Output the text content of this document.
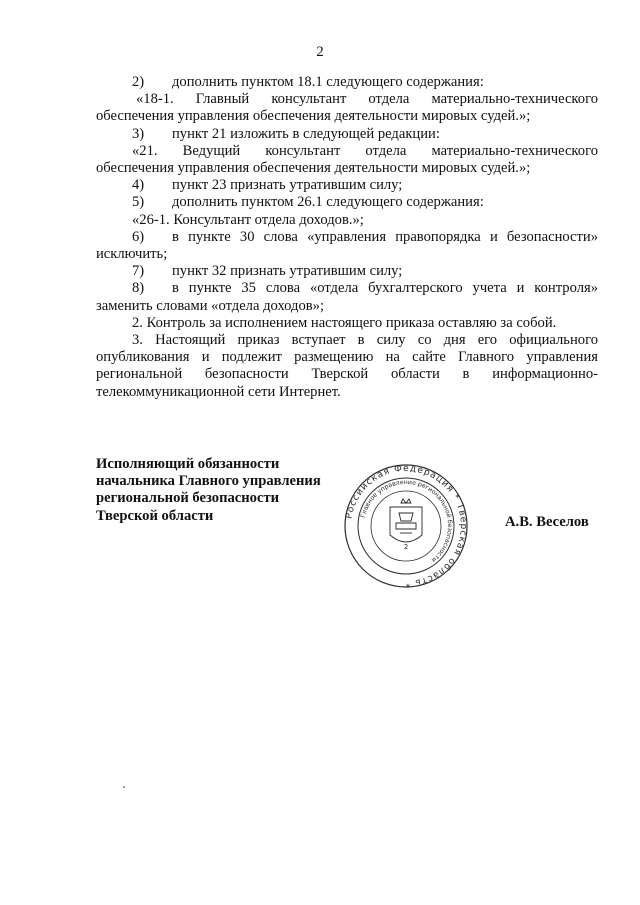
2
2)	дополнить пунктом 18.1 следующего содержания:

«18-1. Главный консультант отдела материально-технического

обеспечения управления обеспечения деятельности мировых судей.»;

3)	пункт 21 изложить в следующей редакции:

«21. Ведущий консультант отдела материально-технического

обеспечения управления обеспечения деятельности мировых судей.»;

4)	пункт 23 признать утратившим силу;
5)	дополнить пунктом 26.1 следующего содержания:

«26-1. Консультант отдела доходов.»;

6)	в пункте 30 слова «управления правопорядка и безопасности»

исключить;

7)	пункт 32 признать утратившим силу;
8)	в пункте 35 слова «отдела бухгалтерского учета и контроля»

заменить словами «отдела доходов»;

2. Контроль за исполнением настоящего приказа оставляю за собой.

3. Настоящий приказ вступает в силу со дня его официального

опубликования и подлежит размещению на сайте Главного управления

региональной безопасности Тверской области в информационно-

телекоммуникационной сети Интернет.

Исполняющий обязанности
начальника Главного управления
региональной безопасности
Тверской области	Российская Федерация * Тверская область *
Главное управление региональной безопасности
2
А.В. Веселов
